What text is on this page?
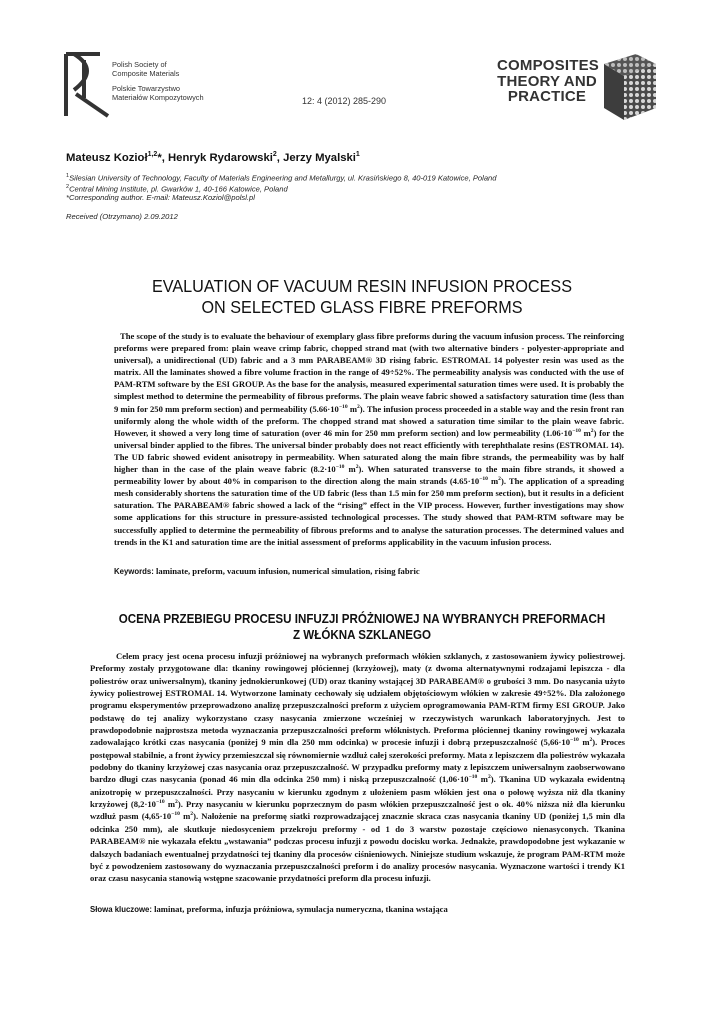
Polish Society of
Composite Materials
Polskie Towarzystwo
Materiałów Kompozytowych	12: 4 (2012) 285-290
COMPOSITES
THEORY AND
PRACTICE
Mateusz Kozioł$^{1,2}$*, Henryk Rydarowski$^2$, Jerzy Myalski$^1$
$^1$Silesian University of Technology, Faculty of Materials Engineering and Metallurgy, ul. Krasińskiego 8, 40-019 Katowice, Poland
$^2$Central Mining Institute, pl. Gwarków 1, 40-166 Katowice, Poland
*Corresponding author. E-mail: Mateusz.Koziol@polsl.pl
Received (Otrzymano) 2.09.2012
EVALUATION OF VACUUM RESIN INFUSION PROCESS
ON SELECTED GLASS FIBRE PREFORMS
The scope of the study is to evaluate the behaviour of exemplary glass fibre preforms during the vacuum infusion process. The reinforcing preforms were prepared from: plain weave crimp fabric, chopped strand mat (with two alternative binders - polyester-appropriate and universal), a unidirectional (UD) fabric and a 3 mm PARABEAM® 3D rising fabric. ESTROMAL 14 polyester resin was used as the matrix. All the laminates showed a fibre volume fraction in the range of 49÷52%. The permeability analysis was conducted with the use of PAM-RTM software by the ESI GROUP. As the base for the analysis, measured experimental saturation times were used. It is probably the simplest method to determine the permeability of fibrous preforms. The plain weave fabric showed a satisfactory saturation time (less than 9 min for 250 mm preform section) and permeability ($5.66\cdot 10^{-10}$ $m^2$). The infusion process proceeded in a stable way and the resin front ran uniformly along the whole width of the preform. The chopped strand mat showed a saturation time similar to the plain weave fabric. However, it showed a very long time of saturation (over 46 min for 250 mm preform section) and low permeability ($1.06\cdot 10^{-10}$ $m^2$) for the universal binder applied to the fibres. The universal binder probably does not react efficiently with terephthalate resins (ESTROMAL 14). The UD fabric showed evident anisotropy in permeability. When saturated along the main fibre strands, the permeability was by half higher than in the case of the plain weave fabric ($8.2\cdot 10^{-10}$ $m^2$). When saturated transverse to the main fibre strands, it showed a permeability lower by about 40% in comparison to the direction along the main strands ($4.65\cdot 10^{-10}$ $m^2$). The application of a spreading mesh considerably shortens the saturation time of the UD fabric (less than 1.5 min for 250 mm preform section), but it results in a deficient saturation. The PARABEAM® fabric showed a lack of the “rising” effect in the VIP process. However, further investigations may show some applications for this structure in pressure-assisted technological processes. The study showed that PAM-RTM software may be successfully applied to determine the permeability of fibrous preforms and to analyse the saturation processes. The determined values and trends in the K1 and saturation time are the initial assessment of preforms applicability in the vacuum infusion process.
Keywords: laminate, preform, vacuum infusion, numerical simulation, rising fabric
OCENA PRZEBIEGU PROCESU INFUZJI PRÓŻNIOWEJ NA WYBRANYCH PREFORMACH
Z WŁÓKNA SZKLANEGO
Celem pracy jest ocena procesu infuzji próżniowej na wybranych preformach włókien szklanych, z zastosowaniem żywicy poliestrowej. Preformy zostały przygotowane dla: tkaniny rowingowej płóciennej (krzyżowej), maty (z dwoma alternatywnymi rodzajami lepiszcza - dla poliestrów oraz uniwersalnym), tkaniny jednokierunkowej (UD) oraz tkaniny wstającej 3D PARABEAM® o grubości 3 mm. Do nasycania użyto żywicy poliestrowej ESTROMAL 14. Wytworzone laminaty cechowały się udziałem objętościowym włókien w zakresie 49÷52%. Dla założonego programu eksperymentów przeprowadzono analizę przepuszczalności preform z użyciem oprogramowania PAM-RTM firmy ESI GROUP. Jako podstawę do tej analizy wykorzystano czasy nasycania zmierzone wcześniej w rzeczywistych warunkach laboratoryjnych. Jest to prawdopodobnie najprostsza metoda wyznaczania przepuszczalności preform włóknistych. Preforma płóciennej tkaniny rowingowej wykazała zadowalająco krótki czas nasycania (poniżej 9 min dla 250 mm odcinka) w procesie infuzji i dobrą przepuszczalność ($5,66\cdot 10^{-10}$ $m^2$). Proces postępował stabilnie, a front żywicy przemieszczał się równomiernie wzdłuż całej szerokości preformy. Mata z lepiszczem dla poliestrów wykazała podobny do tkaniny krzyżowej czas nasycania oraz przepuszczalność. W przypadku preformy maty z lepiszczem uniwersalnym zaobserwowano bardzo długi czas nasycania (ponad 46 min dla odcinka 250 mm) i niską przepuszczalność ($1,06\cdot 10^{-10}$ $m^2$). Tkanina UD wykazała ewidentną anizotropię w przepuszczalności. Przy nasycaniu w kierunku zgodnym z ułożeniem pasm włókien jest ona o połowę wyższa niż dla tkaniny krzyżowej ($8,2\cdot 10^{-10}$ $m^2$). Przy nasycaniu w kierunku poprzecznym do pasm włókien przepuszczalność jest o ok. 40% niższa niż dla kierunku wzdłuż pasm ($4,65\cdot 10^{-10}$ $m^2$). Nałożenie na preformę siatki rozprowadzającej znacznie skraca czas nasycania tkaniny UD (poniżej 1,5 min dla odcinka 250 mm), ale skutkuje niedosyceniem przekroju preformy - od 1 do 3 warstw pozostaje częściowo nienasyconych. Tkanina PARABEAM® nie wykazała efektu „wstawania” podczas procesu infuzji z powodu docisku worka. Jednakże, prawdopodobne jest wykazanie w dalszych badaniach ewentualnej przydatności tej tkaniny dla procesów ciśnieniowych. Niniejsze studium wskazuje, że program PAM-RTM może być z powodzeniem zastosowany do wyznaczania przepuszczalności preform i do analizy procesów nasycania. Wyznaczone wartości i trendy K1 oraz czasu nasycania stanowią wstępne szacowanie przydatności preform dla procesu infuzji.
Słowa kluczowe: laminat, preforma, infuzja próżniowa, symulacja numeryczna, tkanina wstająca
